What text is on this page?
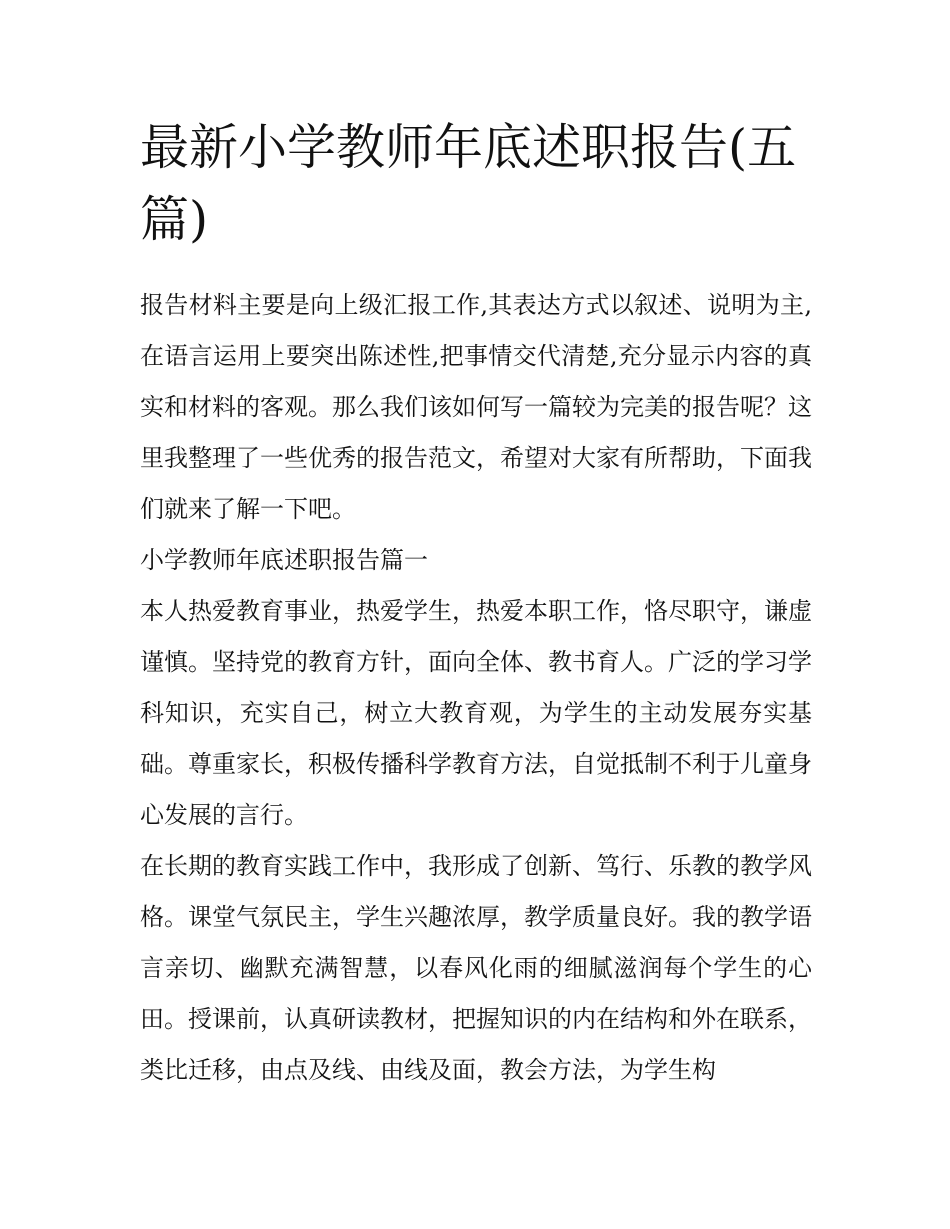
最新小学教师年底述职报告(五篇)

报告材料主要是向上级汇报工作,其表达方式以叙述、说明为主,在语言运用上要突出陈述性,把事情交代清楚,充分显示内容的真实和材料的客观。那么我们该如何写一篇较为完美的报告呢？这里我整理了一些优秀的报告范文，希望对大家有所帮助，下面我们就来了解一下吧。

小学教师年底述职报告篇一

本人热爱教育事业，热爱学生，热爱本职工作，恪尽职守，谦虚谨慎。坚持党的教育方针，面向全体、教书育人。广泛的学习学科知识，充实自己，树立大教育观，为学生的主动发展夯实基础。尊重家长，积极传播科学教育方法，自觉抵制不利于儿童身心发展的言行。

在长期的教育实践工作中，我形成了创新、笃行、乐教的教学风格。课堂气氛民主，学生兴趣浓厚，教学质量良好。我的教学语言亲切、幽默充满智慧，以春风化雨的细腻滋润每个学生的心田。授课前，认真研读教材，把握知识的内在结构和外在联系，类比迁移，由点及线、由线及面，教会方法，为学生构
